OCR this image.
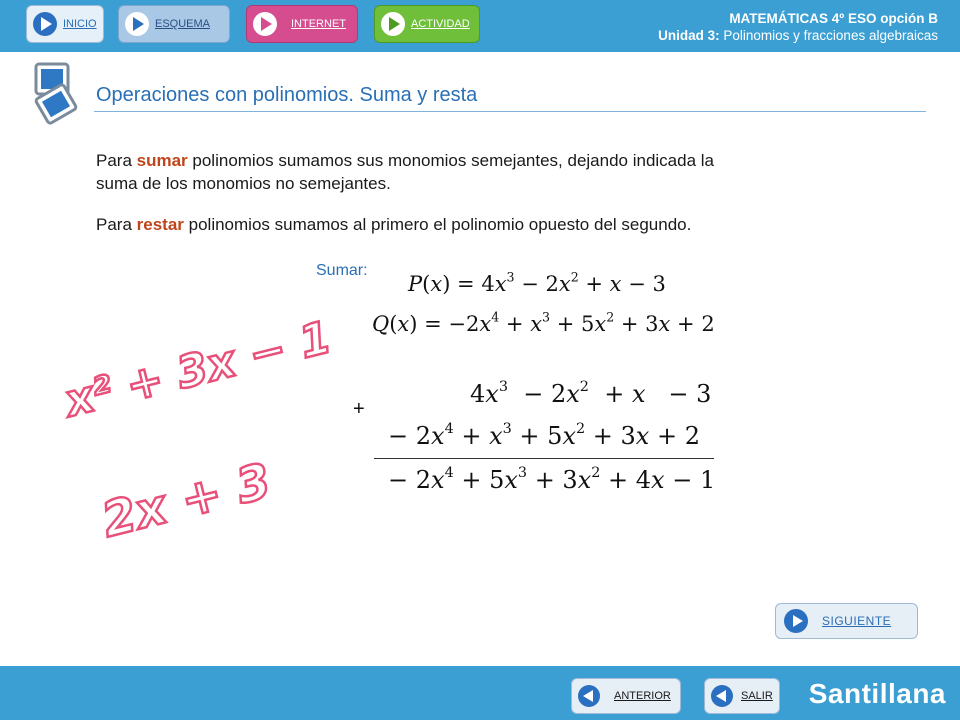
INICIO	ESQUEMA	INTERNET	ACTIVIDAD	MATEMÁTICAS 4º ESO opción B
Unidad 3: Polinomios y fracciones algebraicas
Operaciones con polinomios. Suma y resta
Para sumar polinomios sumamos sus monomios semejantes, dejando indicada la suma de los monomios no semejantes.
Para restar polinomios sumamos al primero el polinomio opuesto del segundo.
Sumar:
$P(x) = 4x^3 - 2x^2 + x - 3$
$Q(x) = -2x^4 + x^3 + 5x^2 + 3x + 2$
x² + 3x − 1
2x + 3
+
$4x^3 - 2x^2 + x - 3$
− $2x^4 + x^3 + 5x^2 + 3x + 2$
− $2x^4 + 5x^3 + 3x^2 + 4x - 1$
SIGUIENTE
ANTERIOR	SALIR Santillana
